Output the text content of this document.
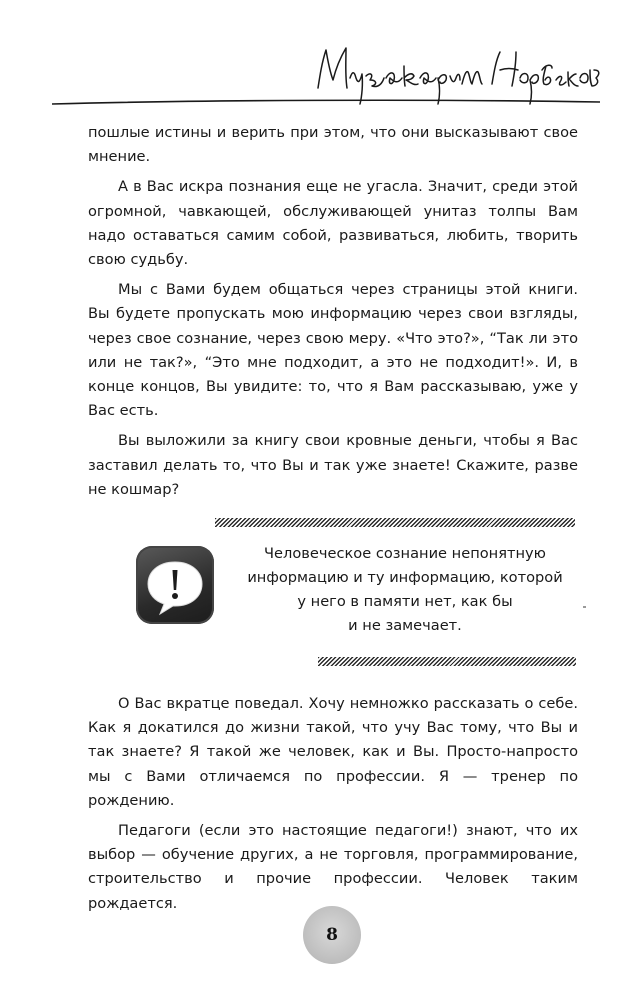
пошлые истины и верить при этом, что они высказывают свое мнение.

А в Вас искра познания еще не угасла. Значит, среди этой огромной, чавкающей, обслуживающей унитаз толпы Вам надо оставаться самим собой, развиваться, любить, творить свою судьбу.

Мы с Вами будем общаться через страницы этой книги. Вы будете пропускать мою информацию через свои взгляды, через свое сознание, через свою меру. «Что это?», “Так ли это или не так?», “Это мне подходит, а это не подходит!». И, в конце концов, Вы увидите: то, что я Вам рассказываю, уже у Вас есть.

Вы выложили за книгу свои кровные деньги, чтобы я Вас заставил делать то, что Вы и так уже знаете! Скажите, разве не кошмар?

Человеческое сознание непонятную
информацию и ту информацию, которой
у него в памяти нет, как бы
и не замечает.

О Вас вкратце поведал. Хочу немножко рассказать о себе. Как я докатился до жизни такой, что учу Вас тому, что Вы и так знаете? Я такой же человек, как и Вы. Просто-напросто мы с Вами отличаемся по профессии. Я — тренер по рождению.

Педагоги (если это настоящие педагоги!) знают, что их выбор — обучение других, а не торговля, программирование, строительство и прочие профессии. Человек таким рождается.

8
